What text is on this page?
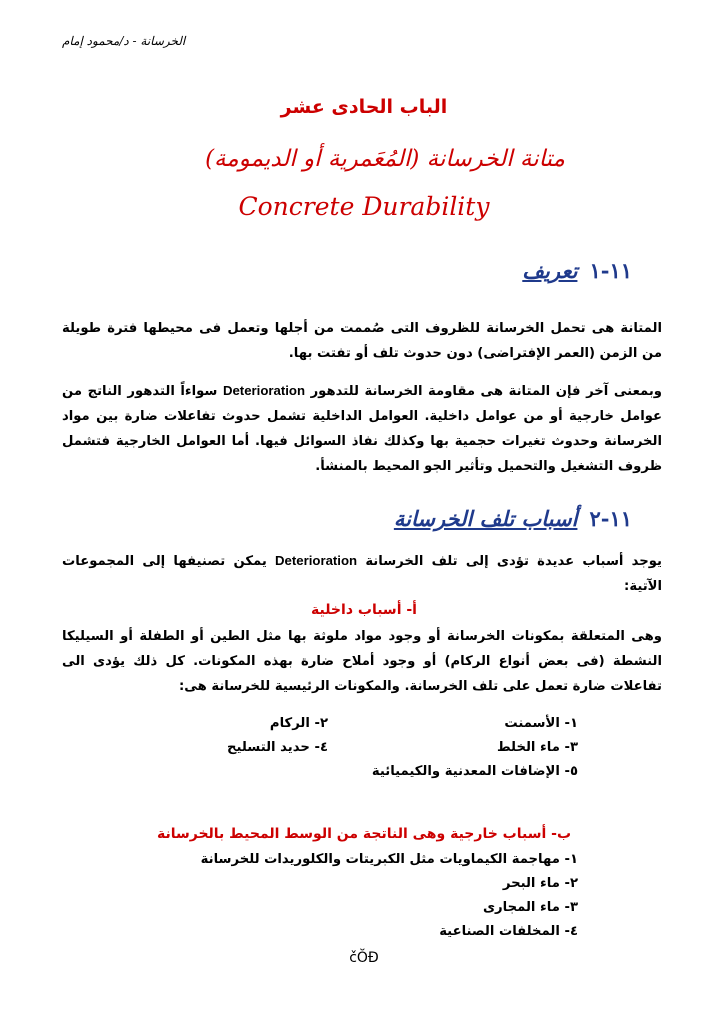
الخرسانة - د/محمود إمام
الباب الحادى عشر
متانة الخرسانة (المُعَمرية أو الديمومة)
Concrete Durability
١١-١تعريف
المتانة هى تحمل الخرسانة للظروف التى صُممت من أجلها وتعمل فى محيطها فترة طويلة من الزمن (العمر الإفتراضى) دون حدوث تلف أو تفتت بها.
وبمعنى آخر فإن المتانة هى مقاومة الخرسانة للتدهور Deterioration سواءاً التدهور الناتج من عوامل خارجية أو من عوامل داخلية. العوامل الداخلية تشمل حدوث تفاعلات ضارة بين مواد الخرسانة وحدوث تغيرات حجمية بها وكذلك نفاذ السوائل فيها. أما العوامل الخارجية فتشمل ظروف التشغيل والتحميل وتأثير الجو المحيط بالمنشأ.
١١-٢أسباب تلف الخرسانة
يوجد أسباب عديدة تؤدى إلى تلف الخرسانة Deterioration يمكن تصنيفها إلى المجموعات الآتية:
أ- أسباب داخلية
وهى المتعلقة بمكونات الخرسانة أو وجود مواد ملوثة بها مثل الطين أو الطفلة أو السيليكا النشطة (فى بعض أنواع الركام) أو وجود أملاح ضارة بهذه المكونات. كل ذلك يؤدى الى تفاعلات ضارة تعمل على تلف الخرسانة. والمكونات الرئيسية للخرسانة هى:
١- الأسمنت
٢- الركام
٣- ماء الخلط
٤- حديد التسليح
٥- الإضافات المعدنية والكيميائية
ب- أسباب خارجية وهى الناتجة من الوسط المحيط بالخرسانة
١- مهاجمة الكيماويات مثل الكبريتات والكلوريدات للخرسانة
٢- ماء البحر
٣- ماء المجارى
٤- المخلفات الصناعية
čŎĐ
